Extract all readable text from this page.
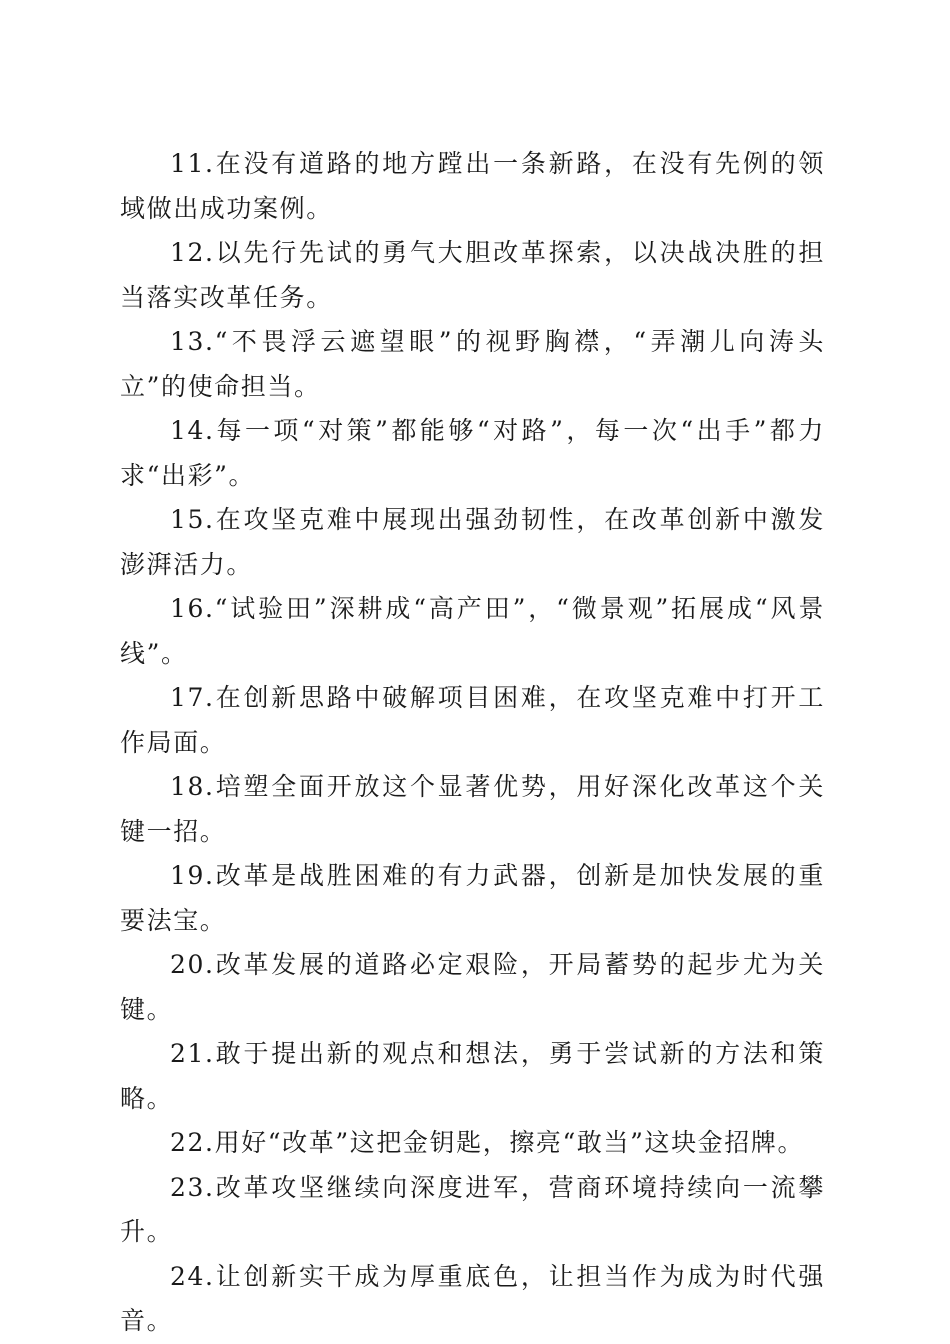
11.在没有道路的地方蹚出一条新路，在没有先例的领域做出成功案例。

12.以先行先试的勇气大胆改革探索，以决战决胜的担当落实改革任务。

13.“不畏浮云遮望眼”的视野胸襟，“弄潮儿向涛头立”的使命担当。

14.每一项“对策”都能够“对路”，每一次“出手”都力求“出彩”。

15.在攻坚克难中展现出强劲韧性，在改革创新中激发澎湃活力。

16.“试验田”深耕成“高产田”，“微景观”拓展成“风景线”。

17.在创新思路中破解项目困难，在攻坚克难中打开工作局面。

18.培塑全面开放这个显著优势，用好深化改革这个关键一招。

19.改革是战胜困难的有力武器，创新是加快发展的重要法宝。

20.改革发展的道路必定艰险，开局蓄势的起步尤为关键。

21.敢于提出新的观点和想法，勇于尝试新的方法和策略。

22.用好“改革”这把金钥匙，擦亮“敢当”这块金招牌。

23.改革攻坚继续向深度进军，营商环境持续向一流攀升。

24.让创新实干成为厚重底色，让担当作为成为时代强音。
